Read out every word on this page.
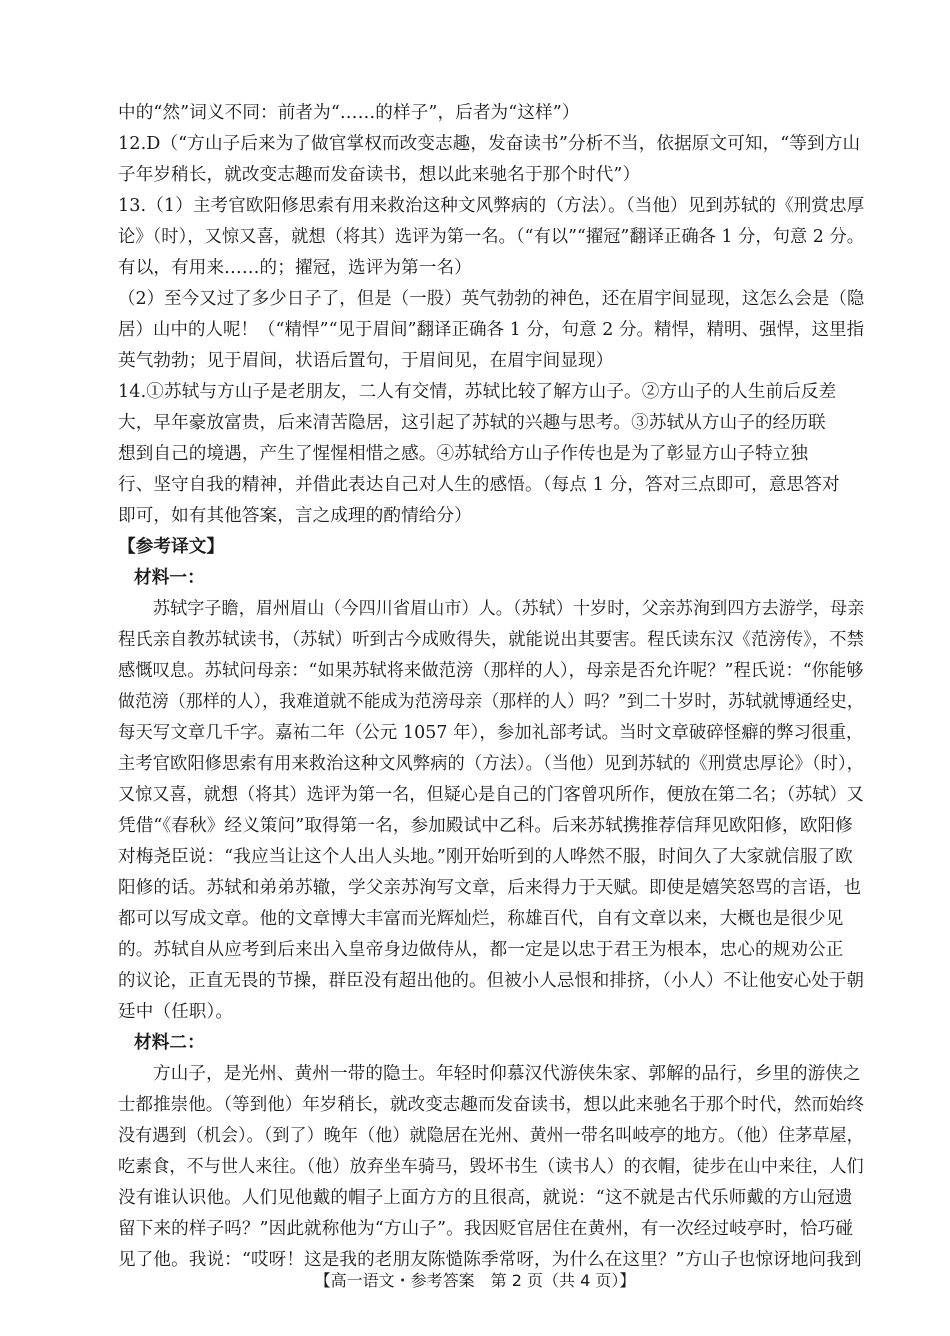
中的“然”词义不同：前者为“……的样子”，后者为“这样”）
12.D（“方山子后来为了做官掌权而改变志趣，发奋读书”分析不当，依据原文可知，“等到方山
子年岁稍长，就改变志趣而发奋读书，想以此来驰名于那个时代”）
13.（1）主考官欧阳修思索有用来救治这种文风弊病的（方法）。（当他）见到苏轼的《刑赏忠厚
论》（时），又惊又喜，就想（将其）选评为第一名。（“有以”“擢冠”翻译正确各 1 分，句意 2 分。
有以，有用来……的；擢冠，选评为第一名）
（2）至今又过了多少日子了，但是（一股）英气勃勃的神色，还在眉宇间显现，这怎么会是（隐
居）山中的人呢！（“精悍”“见于眉间”翻译正确各 1 分，句意 2 分。精悍，精明、强悍，这里指
英气勃勃；见于眉间，状语后置句，于眉间见，在眉宇间显现）
14.①苏轼与方山子是老朋友，二人有交情，苏轼比较了解方山子。②方山子的人生前后反差
大，早年豪放富贵，后来清苦隐居，这引起了苏轼的兴趣与思考。③苏轼从方山子的经历联
想到自己的境遇，产生了惺惺相惜之感。④苏轼给方山子作传也是为了彰显方山子特立独
行、坚守自我的精神，并借此表达自己对人生的感悟。（每点 1 分，答对三点即可，意思答对
即可，如有其他答案，言之成理的酌情给分）
【参考译文】
材料一：
苏轼字子瞻，眉州眉山（今四川省眉山市）人。（苏轼）十岁时，父亲苏洵到四方去游学，母亲
程氏亲自教苏轼读书，（苏轼）听到古今成败得失，就能说出其要害。程氏读东汉《范滂传》，不禁
感慨叹息。苏轼问母亲：“如果苏轼将来做范滂（那样的人），母亲是否允许呢？”程氏说：“你能够
做范滂（那样的人），我难道就不能成为范滂母亲（那样的人）吗？”到二十岁时，苏轼就博通经史，
每天写文章几千字。嘉祐二年（公元 1057 年），参加礼部考试。当时文章破碎怪癖的弊习很重，
主考官欧阳修思索有用来救治这种文风弊病的（方法）。（当他）见到苏轼的《刑赏忠厚论》（时），
又惊又喜，就想（将其）选评为第一名，但疑心是自己的门客曾巩所作，便放在第二名；（苏轼）又
凭借“《春秋》经义策问”取得第一名，参加殿试中乙科。后来苏轼携推荐信拜见欧阳修，欧阳修
对梅尧臣说：“我应当让这个人出人头地。”刚开始听到的人哗然不服，时间久了大家就信服了欧
阳修的话。苏轼和弟弟苏辙，学父亲苏洵写文章，后来得力于天赋。即使是嬉笑怒骂的言语，也
都可以写成文章。他的文章博大丰富而光辉灿烂，称雄百代，自有文章以来，大概也是很少见
的。苏轼自从应考到后来出入皇帝身边做侍从，都一定是以忠于君王为根本，忠心的规劝公正
的议论，正直无畏的节操，群臣没有超出他的。但被小人忌恨和排挤，（小人）不让他安心处于朝
廷中（任职）。
材料二：
方山子，是光州、黄州一带的隐士。年轻时仰慕汉代游侠朱家、郭解的品行，乡里的游侠之
士都推崇他。（等到他）年岁稍长，就改变志趣而发奋读书，想以此来驰名于那个时代，然而始终
没有遇到（机会）。（到了）晚年（他）就隐居在光州、黄州一带名叫岐亭的地方。（他）住茅草屋，
吃素食，不与世人来往。（他）放弃坐车骑马，毁坏书生（读书人）的衣帽，徒步在山中来往，人们
没有谁认识他。人们见他戴的帽子上面方方的且很高，就说：“这不就是古代乐师戴的方山冠遗
留下来的样子吗？”因此就称他为“方山子”。我因贬官居住在黄州，有一次经过岐亭时，恰巧碰
见了他。我说：“哎呀！这是我的老朋友陈慥陈季常呀，为什么在这里？”方山子也惊讶地问我到
【高一语文・参考答案　第 2 页（共 4 页）】
